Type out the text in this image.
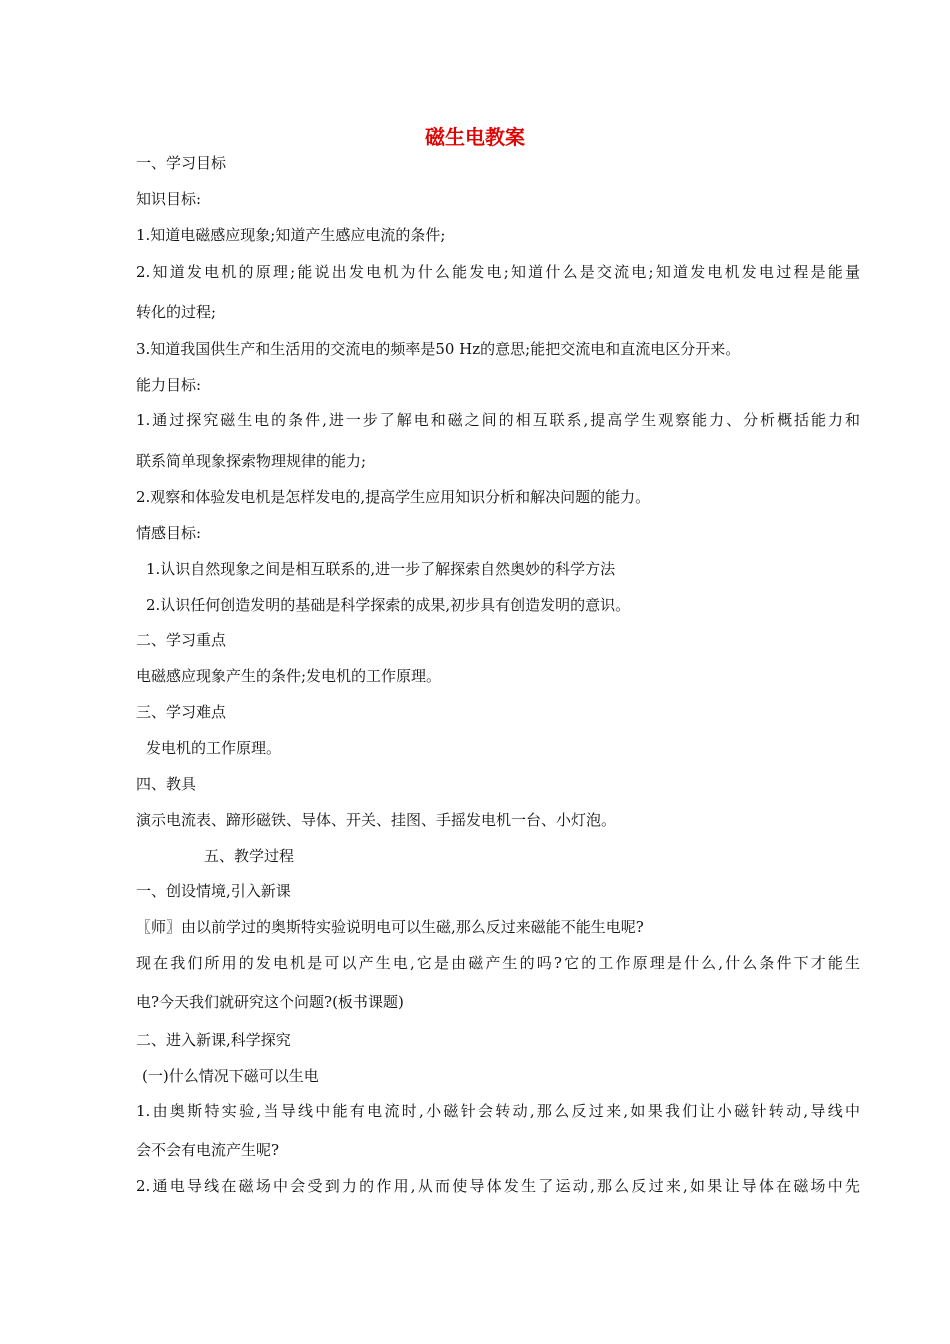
磁生电教案
一、学习目标
知识目标:
1.知道电磁感应现象;知道产生感应电流的条件;
2.知道发电机的原理;能说出发电机为什么能发电;知道什么是交流电;知道发电机发电过程是能量
转化的过程;
3.知道我国供生产和生活用的交流电的频率是50 Hz的意思;能把交流电和直流电区分开来。
能力目标:
1.通过探究磁生电的条件,进一步了解电和磁之间的相互联系,提高学生观察能力、分析概括能力和
联系简单现象探索物理规律的能力;
2.观察和体验发电机是怎样发电的,提高学生应用知识分析和解决问题的能力。
情感目标:
1.认识自然现象之间是相互联系的,进一步了解探索自然奥妙的科学方法
2.认识任何创造发明的基础是科学探索的成果,初步具有创造发明的意识。
二、学习重点
电磁感应现象产生的条件;发电机的工作原理。
三、学习难点
发电机的工作原理。
四、教具
演示电流表、蹄形磁铁、导体、开关、挂图、手摇发电机一台、小灯泡。
五、教学过程
一、创设情境,引入新课
〖师〗由以前学过的奥斯特实验说明电可以生磁,那么反过来磁能不能生电呢?
现在我们所用的发电机是可以产生电,它是由磁产生的吗?它的工作原理是什么,什么条件下才能生
电?今天我们就研究这个问题?(板书课题)
二、进入新课,科学探究
(一)什么情况下磁可以生电
1.由奥斯特实验,当导线中能有电流时,小磁针会转动,那么反过来,如果我们让小磁针转动,导线中
会不会有电流产生呢?
2.通电导线在磁场中会受到力的作用,从而使导体发生了运动,那么反过来,如果让导体在磁场中先
